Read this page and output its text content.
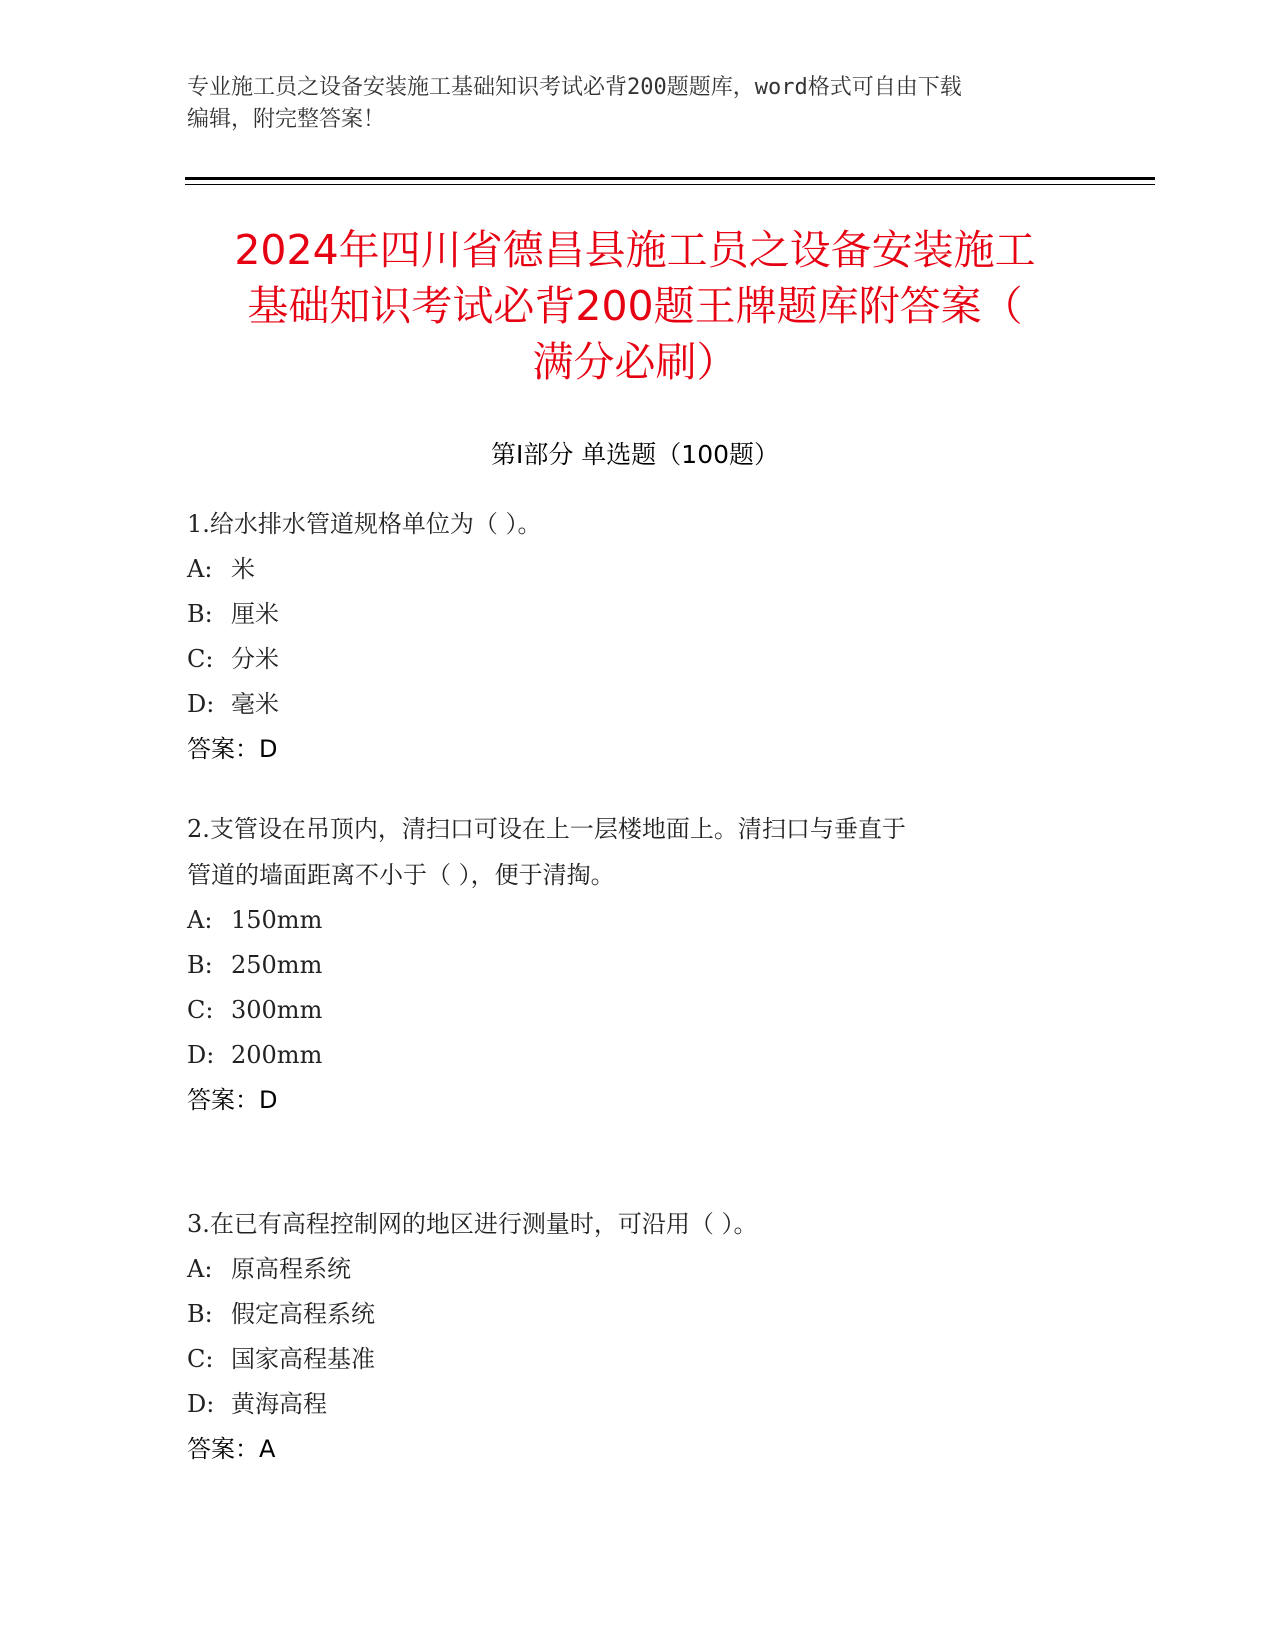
专业施工员之设备安装施工基础知识考试必背200题题库，word格式可自由下载
编辑，附完整答案！
2024年四川省德昌县施工员之设备安装施工
基础知识考试必背200题王牌题库附答案（
满分必刷）
第Ⅰ部分 单选题（100题）
1.给水排水管道规格单位为（ ）。
A: 米
B: 厘米
C: 分米
D: 毫米
答案：D
2.支管设在吊顶内，清扫口可设在上一层楼地面上。清扫口与垂直于
管道的墙面距离不小于（ ），便于清掏。
A: 150mm
B: 250mm
C: 300mm
D: 200mm
答案：D
3.在已有高程控制网的地区进行测量时，可沿用（ ）。
A: 原高程系统
B: 假定高程系统
C: 国家高程基准
D: 黄海高程
答案：A
